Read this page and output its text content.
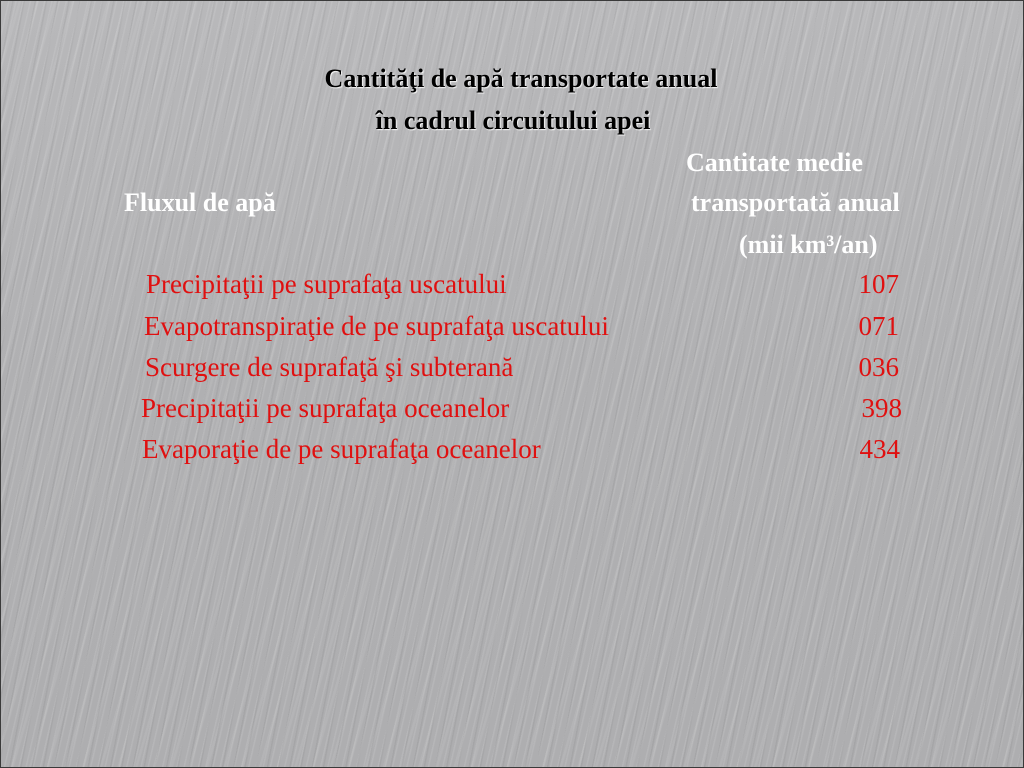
Cantităţi de apă transportate anual
în cadrul circuitului apei
Fluxul de apă
Cantitate medie
transportată anual
(mii km³/an)
Precipitaţii pe suprafaţa uscatului	107
Evapotranspiraţie de pe suprafaţa uscatului	071
Scurgere de suprafaţă şi subterană	036
Precipitaţii pe suprafaţa oceanelor	398
Evaporaţie de pe suprafaţa oceanelor	434
